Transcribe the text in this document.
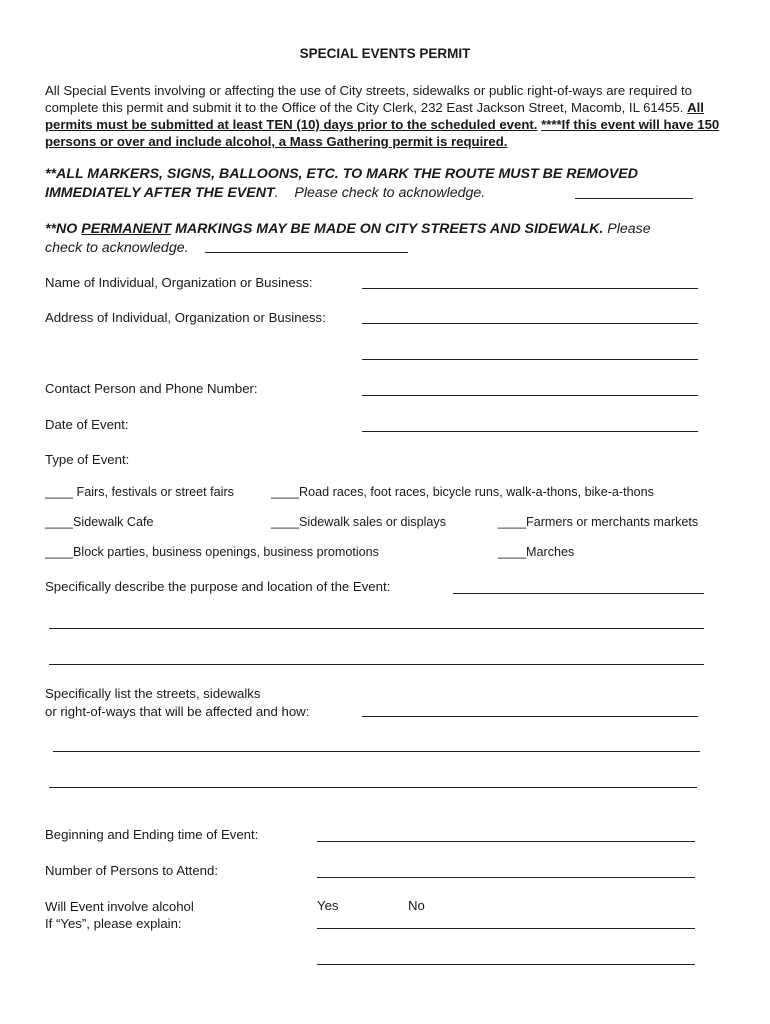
SPECIAL EVENTS PERMIT
All Special Events involving or affecting the use of City streets, sidewalks or public right-of-ways are required to complete this permit and submit it to the Office of the City Clerk, 232 East Jackson Street, Macomb, IL 61455. All permits must be submitted at least TEN (10) days prior to the scheduled event. ****If this event will have 150 persons or over and include alcohol, a Mass Gathering permit is required.
**ALL MARKERS, SIGNS, BALLOONS, ETC. TO MARK THE ROUTE MUST BE REMOVED IMMEDIATELY AFTER THE EVENT. Please check to acknowledge.
**NO PERMANENT MARKINGS MAY BE MADE ON CITY STREETS AND SIDEWALK. Please
check to acknowledge.
Name of Individual, Organization or Business:
Address of Individual, Organization or Business:
Contact Person and Phone Number:
Date of Event:
Type of Event:
____ Fairs, festivals or street fairs	____Road races, foot races, bicycle runs, walk-a-thons, bike-a-thons
____Sidewalk Cafe	____Sidewalk sales or displays	____Farmers or merchants markets
____Block parties, business openings, business promotions	____Marches
Specifically describe the purpose and location of the Event:
Specifically list the streets, sidewalks
or right-of-ways that will be affected and how:
Beginning and Ending time of Event:
Number of Persons to Attend:
Will Event involve alcohol
If “Yes”, please explain:
Yes	No
